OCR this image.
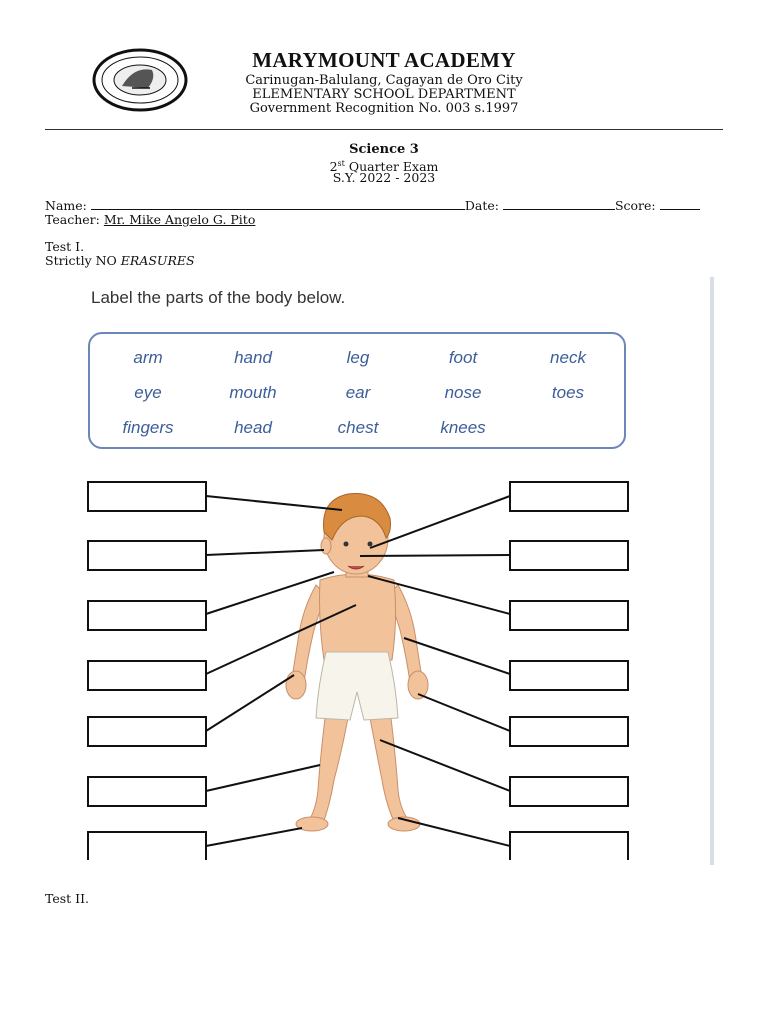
MARYMOUNT ACADEMY
Carinugan-Balulang, Cagayan de Oro City
ELEMENTARY SCHOOL DEPARTMENT
Government Recognition No. 003 s.1997
Science 3
2st Quarter Exam
S.Y. 2022 - 2023
Name:	Date:	Score:
Teacher: Mr. Mike Angelo G. Pito
Test I.
Strictly NO ERASURES
Label the parts of the body below.
arm	hand	leg	foot	neck
eye	mouth	ear	nose	toes
fingers	head	chest	knees
Test II.
